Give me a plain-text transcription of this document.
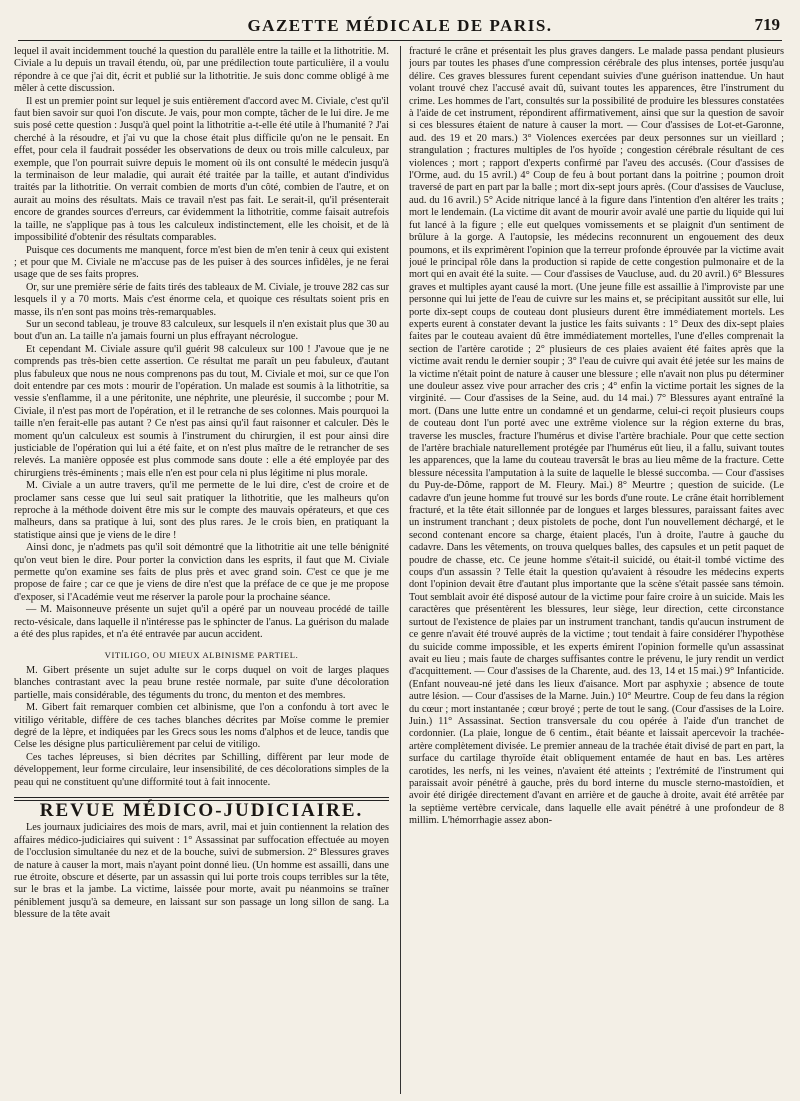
GAZETTE MÉDICALE DE PARIS.	719

lequel il avait incidemment touché la question du parallèle entre la taille et la lithotritie. M. Civiale a lu depuis un travail étendu, où, par une prédilection toute particulière, il a voulu répondre à ce que j'ai dit, écrit et publié sur la lithotritie. Je suis donc comme obligé à me mêler à cette discussion.

Il est un premier point sur lequel je suis entièrement d'accord avec M. Civiale, c'est qu'il faut bien savoir sur quoi l'on discute. Je vais, pour mon compte, tâcher de le lui dire. Je me suis posé cette question : Jusqu'à quel point la lithotritie a-t-elle été utile à l'humanité ? J'ai cherché à la résoudre, et j'ai vu que la chose était plus difficile qu'on ne le pensait. En effet, pour cela il faudrait posséder les observations de deux ou trois mille calculeux, par exemple, que l'on pourrait suivre depuis le moment où ils ont consulté le médecin jusqu'à la terminaison de leur maladie, qui aurait été traitée par la taille, et autant d'individus traités par la lithotritie. On verrait combien de morts d'un côté, combien de l'autre, et on aurait au moins des résultats. Mais ce travail n'est pas fait. Le serait-il, qu'il présenterait encore de grandes sources d'erreurs, car évidemment la lithotritie, comme faisait autrefois la taille, ne s'applique pas à tous les calculeux indistinctement, elle les choisit, et de là impossibilité d'obtenir des résultats comparables.

Puisque ces documents me manquent, force m'est bien de m'en tenir à ceux qui existent ; et pour que M. Civiale ne m'accuse pas de les puiser à des sources infidèles, je ne ferai usage que de ses faits propres.

Or, sur une première série de faits tirés des tableaux de M. Civiale, je trouve 282 cas sur lesquels il y a 70 morts. Mais c'est énorme cela, et quoique ces résultats soient pris en masse, ils n'en sont pas moins très-remarquables.

Sur un second tableau, je trouve 83 calculeux, sur lesquels il n'en existait plus que 30 au bout d'un an. La taille n'a jamais fourni un plus effrayant nécrologue.

Et cependant M. Civiale assure qu'il guérit 98 calculeux sur 100 ! J'avoue que je ne comprends pas très-bien cette assertion. Ce résultat me paraît un peu fabuleux, d'autant plus fabuleux que nous ne nous comprenons pas du tout, M. Civiale et moi, sur ce que l'on doit entendre par ces mots : mourir de l'opération. Un malade est soumis à la lithotritie, sa vessie s'enflamme, il a une péritonite, une néphrite, une pleurésie, il succombe ; pour M. Civiale, il n'est pas mort de l'opération, et il le retranche de ses colonnes. Mais pourquoi la taille n'en ferait-elle pas autant ? Ce n'est pas ainsi qu'il faut raisonner et calculer. Dès le moment qu'un calculeux est soumis à l'instrument du chirurgien, il est pour ainsi dire justiciable de l'opération qui lui a été faite, et on n'est plus maître de le retrancher de ses relevés. La manière opposée est plus commode sans doute : elle a été employée par des chirurgiens très-éminents ; mais elle n'en est pour cela ni plus légitime ni plus morale.

M. Civiale a un autre travers, qu'il me permette de le lui dire, c'est de croire et de proclamer sans cesse que lui seul sait pratiquer la lithotritie, que les malheurs qu'on reproche à la méthode doivent être mis sur le compte des mauvais opérateurs, et que ces malheurs, dans sa pratique à lui, sont des plus rares. Je le crois bien, en pratiquant la statistique ainsi que je viens de le dire !

Ainsi donc, je n'admets pas qu'il soit démontré que la lithotritie ait une telle bénignité qu'on veut bien le dire. Pour porter la conviction dans les esprits, il faut que M. Civiale permette qu'on examine ses faits de plus près et avec grand soin. C'est ce que je me propose de faire ; car ce que je viens de dire n'est que la préface de ce que je me propose d'exposer, si l'Académie veut me réserver la parole pour la prochaine séance.

— M. Maisonneuve présente un sujet qu'il a opéré par un nouveau procédé de taille recto-vésicale, dans laquelle il n'intéresse pas le sphincter de l'anus. La guérison du malade a été des plus rapides, et n'a été entravée par aucun accident.

VITILIGO, OU MIEUX ALBINISME PARTIEL.

M. Gibert présente un sujet adulte sur le corps duquel on voit de larges plaques blanches contrastant avec la peau brune restée normale, par suite d'une décoloration partielle, mais considérable, des téguments du tronc, du menton et des membres.

M. Gibert fait remarquer combien cet albinisme, que l'on a confondu à tort avec le vitiligo véritable, diffère de ces taches blanches décrites par Moïse comme le premier degré de la lèpre, et indiquées par les Grecs sous les noms d'alphos et de leuce, tandis que Celse les désigne plus particulièrement par celui de vitiligo.

Ces taches lépreuses, si bien décrites par Schilling, diffèrent par leur mode de développement, leur forme circulaire, leur insensibilité, de ces décolorations simples de la peau qui ne constituent qu'une difformité tout à fait innocente.

REVUE MÉDICO-JUDICIAIRE.

Les journaux judiciaires des mois de mars, avril, mai et juin contiennent la relation des affaires médico-judiciaires qui suivent : 1° Assassinat par suffocation effectuée au moyen de l'occlusion simultanée du nez et de la bouche, suivi de submersion. 2° Blessures graves de nature à causer la mort, mais n'ayant point donné lieu. (Un homme est assailli, dans une rue étroite, obscure et déserte, par un assassin qui lui porte trois coups terribles sur la tête, sur le bras et la jambe. La victime, laissée pour morte, avait pu néanmoins se traîner péniblement jusqu'à sa demeure, en laissant sur son passage un long sillon de sang. La blessure de la tête avait

fracturé le crâne et présentait les plus graves dangers. Le malade passa pendant plusieurs jours par toutes les phases d'une compression cérébrale des plus intenses, portée jusqu'au délire. Ces graves blessures furent cependant suivies d'une guérison inattendue. Un haut volant trouvé chez l'accusé avait dû, suivant toutes les apparences, être l'instrument du crime. Les hommes de l'art, consultés sur la possibilité de produire les blessures constatées à l'aide de cet instrument, répondirent affirmativement, ainsi que sur la question de savoir si ces blessures étaient de nature à causer la mort. — Cour d'assises de Lot-et-Garonne, aud. des 19 et 20 mars.) 3° Violences exercées par deux personnes sur un vieillard ; strangulation ; fractures multiples de l'os hyoïde ; congestion cérébrale résultant de ces violences ; mort ; rapport d'experts confirmé par l'aveu des accusés. (Cour d'assises de l'Orme, aud. du 15 avril.) 4° Coup de feu à bout portant dans la poitrine ; poumon droit traversé de part en part par la balle ; mort dix-sept jours après. (Cour d'assises de Vaucluse, aud. du 16 avril.) 5° Acide nitrique lancé à la figure dans l'intention d'en altérer les traits ; mort le lendemain. (La victime dit avant de mourir avoir avalé une partie du liquide qui lui fut lancé à la figure ; elle eut quelques vomissements et se plaignit d'un sentiment de brûlure à la gorge. A l'autopsie, les médecins reconnurent un engouement des deux poumons, et ils exprimèrent l'opinion que la terreur profonde éprouvée par la victime avait joué le principal rôle dans la production si rapide de cette congestion pulmonaire et de la mort qui en avait été la suite. — Cour d'assises de Vaucluse, aud. du 20 avril.) 6° Blessures graves et multiples ayant causé la mort. (Une jeune fille est assaillie à l'improviste par une personne qui lui jette de l'eau de cuivre sur les mains et, se précipitant aussitôt sur elle, lui porte dix-sept coups de couteau dont plusieurs durent être immédiatement mortels. Les experts eurent à constater devant la justice les faits suivants : 1° Deux des dix-sept plaies faites par le couteau avaient dû être immédiatement mortelles, l'une d'elles comprenait la section de l'artère carotide ; 2° plusieurs de ces plaies avaient été faites après que la victime avait rendu le dernier soupir ; 3° l'eau de cuivre qui avait été jetée sur les mains de la victime n'était point de nature à causer une blessure ; elle n'avait non plus pu déterminer une douleur assez vive pour arracher des cris ; 4° enfin la victime portait les signes de la virginité. — Cour d'assises de la Seine, aud. du 14 mai.) 7° Blessures ayant entraîné la mort. (Dans une lutte entre un condamné et un gendarme, celui-ci reçoit plusieurs coups de couteau dont l'un porté avec une extrême violence sur la région externe du bras, traverse les muscles, fracture l'humérus et divise l'artère brachiale. Pour que cette section de l'artère brachiale naturellement protégée par l'humérus eût lieu, il a fallu, suivant toutes les apparences, que la lame du couteau traversât le bras au lieu même de la fracture. Cette blessure nécessita l'amputation à la suite de laquelle le blessé succomba. — Cour d'assises du Puy-de-Dôme, rapport de M. Fleury. Mai.) 8° Meurtre ; question de suicide. (Le cadavre d'un jeune homme fut trouvé sur les bords d'une route. Le crâne était horriblement fracturé, et la tête était sillonnée par de longues et larges blessures, paraissant faites avec un instrument tranchant ; deux pistolets de poche, dont l'un nouvellement déchargé, et le second contenant encore sa charge, étaient placés, l'un à droite, l'autre à gauche du cadavre. Dans les vêtements, on trouva quelques balles, des capsules et un petit paquet de poudre de chasse, etc. Ce jeune homme s'était-il suicidé, ou était-il tombé victime des coups d'un assassin ? Telle était la question qu'avaient à résoudre les médecins experts dont l'opinion devait être d'autant plus importante que la scène s'était passée sans témoin. Tout semblait avoir été disposé autour de la victime pour faire croire à un suicide. Mais les caractères que présentèrent les blessures, leur siège, leur direction, cette circonstance surtout de l'existence de plaies par un instrument tranchant, tandis qu'aucun instrument de ce genre n'avait été trouvé auprès de la victime ; tout tendait à faire considérer l'hypothèse du suicide comme impossible, et les experts émirent l'opinion formelle qu'un assassinat avait eu lieu ; mais faute de charges suffisantes contre le prévenu, le jury rendit un verdict d'acquittement. — Cour d'assises de la Charente, aud. des 13, 14 et 15 mai.) 9° Infanticide. (Enfant nouveau-né jeté dans les lieux d'aisance. Mort par asphyxie ; absence de toute autre lésion. — Cour d'assises de la Marne. Juin.) 10° Meurtre. Coup de feu dans la région du cœur ; mort instantanée ; cœur broyé ; perte de tout le sang. (Cour d'assises de la Loire. Juin.) 11° Assassinat. Section transversale du cou opérée à l'aide d'un tranchet de cordonnier. (La plaie, longue de 6 centim., était béante et laissait apercevoir la trachée-artère complètement divisée. Le premier anneau de la trachée était divisé de part en part, la surface du cartilage thyroïde était obliquement entamée de haut en bas. Les artères carotides, les nerfs, ni les veines, n'avaient été atteints ; l'extrémité de l'instrument qui paraissait avoir pénétré à gauche, près du bord interne du muscle sterno-mastoïdien, et avoir été dirigée directement d'avant en arrière et de gauche à droite, avait été arrêtée par la septième vertèbre cervicale, dans laquelle elle avait pénétré à une profondeur de 8 millim. L'hémorrhagie assez abon-
